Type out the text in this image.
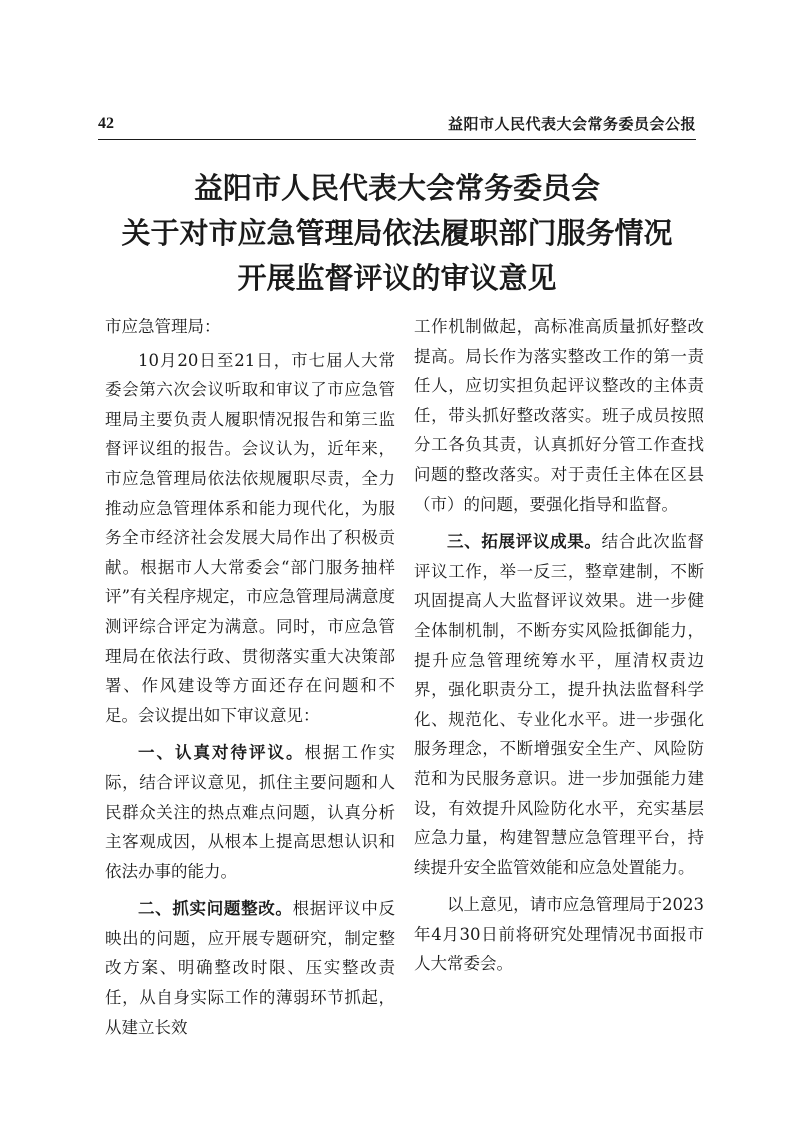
42	益阳市人民代表大会常务委员会公报
益阳市人民代表大会常务委员会
关于对市应急管理局依法履职部门服务情况
开展监督评议的审议意见

市应急管理局：

10月20日至21日，市七届人大常委会第六次会议听取和审议了市应急管理局主要负责人履职情况报告和第三监督评议组的报告。会议认为，近年来，市应急管理局依法依规履职尽责，全力推动应急管理体系和能力现代化，为服务全市经济社会发展大局作出了积极贡献。根据市人大常委会“部门服务抽样评”有关程序规定，市应急管理局满意度测评综合评定为满意。同时，市应急管理局在依法行政、贯彻落实重大决策部署、作风建设等方面还存在问题和不足。会议提出如下审议意见：

一、认真对待评议。根据工作实际，结合评议意见，抓住主要问题和人民群众关注的热点难点问题，认真分析主客观成因，从根本上提高思想认识和依法办事的能力。

二、抓实问题整改。根据评议中反映出的问题，应开展专题研究，制定整改方案、明确整改时限、压实整改责任，从自身实际工作的薄弱环节抓起，从建立长效

工作机制做起，高标准高质量抓好整改提高。局长作为落实整改工作的第一责任人，应切实担负起评议整改的主体责任，带头抓好整改落实。班子成员按照分工各负其责，认真抓好分管工作查找问题的整改落实。对于责任主体在区县（市）的问题，要强化指导和监督。

三、拓展评议成果。结合此次监督评议工作，举一反三，整章建制，不断巩固提高人大监督评议效果。进一步健全体制机制，不断夯实风险抵御能力，提升应急管理统筹水平，厘清权责边界，强化职责分工，提升执法监督科学化、规范化、专业化水平。进一步强化服务理念，不断增强安全生产、风险防范和为民服务意识。进一步加强能力建设，有效提升风险防化水平，充实基层应急力量，构建智慧应急管理平台，持续提升安全监管效能和应急处置能力。

以上意见，请市应急管理局于2023年4月30日前将研究处理情况书面报市人大常委会。
